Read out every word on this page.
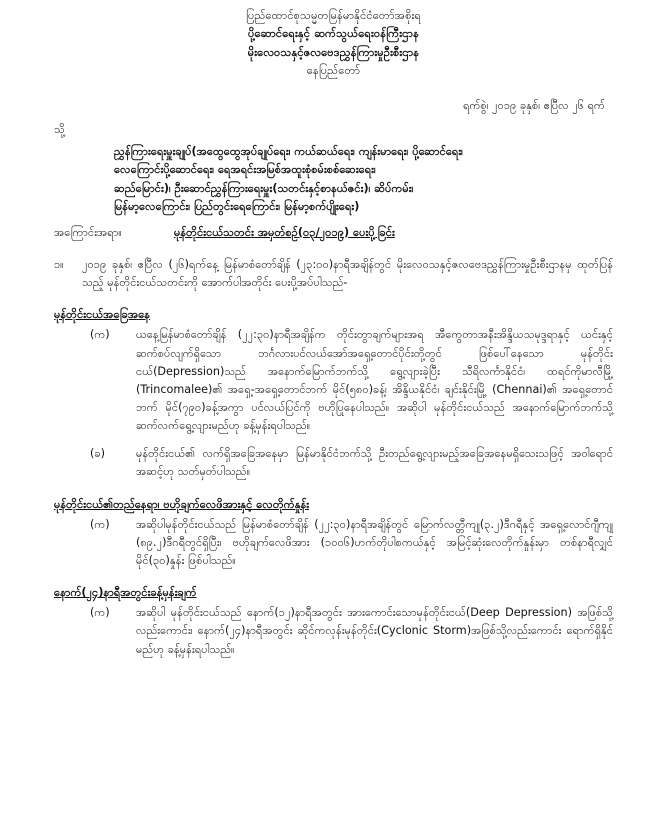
ပြည်ထောင်စုသမ္မတမြန်မာနိုင်ငံတော်အစိုးရ

ပို့ဆောင်ရေးနှင့် ဆက်သွယ်ရေးဝန်ကြီးဌာန

မိုးလေဝသနှင့်ဇလဗေဒညွှန်ကြားမှုဦးစီးဌာန

နေပြည်တော်

ရက်စွဲ၊ ၂၀၁၉ ခုနှစ်၊ ဧပြီလ ၂၆ ရက်

သို့

ညွှန်ကြားရေးမှူးချုပ်(အထွေထွေအုပ်ချုပ်ရေး၊ ကယ်ဆယ်ရေး၊ ကျန်းမာရေး၊ ပို့ဆောင်ရေး၊

လေကြောင်းပို့ဆောင်ရေး၊ ရေအရင်းအမြစ်အထူးစုံစမ်းစစ်ဆေးရေး၊

ဆည်မြောင်း)၊ ဦးဆောင်ညွှန်ကြားရေးမှူး(သတင်းနှင့်စာနယ်ဇင်း)၊ ဆိပ်ကမ်း၊

မြန်မာ့လေကြောင်း၊ ပြည်တွင်းရေကြောင်း၊ မြန်မာ့စက်ပျိုးရေး)

အကြောင်းအရာ။	မုန်တိုင်းငယ်သတင်း အမှတ်စဉ်(၀၃/၂၀၁၉) ပေးပို့ခြင်း
၁။	၂၀၁၉ ခုနှစ်၊ ဧပြီလ (၂၆)ရက်နေ့ မြန်မာစံတော်ချိန် (၂၃:၀၀)နာရီအချိန်တွင် မိုးလေဝသနှင့်ဇလဗေဒညွှန်ကြားမှုဦးစီးဌာနမှ ထုတ်ပြန်သည့် မုန်တိုင်းငယ်သတင်းကို အောက်ပါအတိုင်း ပေးပို့အပ်ပါသည်-
မုန်တိုင်းငယ်အခြေအနေ
(က)	ယနေ့မြန်မာစံတော်ချိန် (၂၂:၃၀)နာရီအချိန်က တိုင်းတွာချက်များအရ အီကွေတာအနီးအိန္ဒိယသမုဒ္ဒရာနှင့် ယင်းနှင့်ဆက်စပ်လျက်ရှိသော ဘင်္ဂလားပင်လယ်အော်အရှေ့တောင်ပိုင်းတို့တွင် ဖြစ်ပေါ်နေသော မုန်တိုင်းငယ်(Depression)သည် အနောက်မြောက်ဘက်သို့ ရွေ့လျားခဲ့ပြီး သီရိလင်္ကာနိုင်ငံ၊ ထရင်ကိုမာလီမြို့ (Trincomalee)၏ အရှေ့-အရှေ့တောင်ဘက် မိုင်(၅၈၀)ခန့်၊ အိန္ဒိယနိုင်ငံ၊ ချင်းနိုင်းမြို့ (Chennai)၏ အရှေ့တောင်ဘက် မိုင်(၇၉၀)ခန့်အကွာ ပင်လယ်ပြင်ကို ဗဟိုပြုနေပါသည်။ အဆိုပါ မုန်တိုင်းငယ်သည် အနောက်မြောက်ဘက်သို့ ဆက်လက်ရွေ့လျားမည်ဟု ခန့်မှန်းရပါသည်။
(ခ)	မုန်တိုင်းငယ်၏ လက်ရှိအခြေအနေမှာ မြန်မာနိုင်ငံဘက်သို့ ဦးတည်ရွေ့လျားမည့်အခြေအနေမရှိသေးသဖြင့် အဝါရောင်အဆင့်ဟု သတ်မှတ်ပါသည်။
မုန်တိုင်းငယ်၏တည်နေရာ၊ ဗဟိုချက်လေဖိအားနှင့် လေတိုက်နှုန်း
(က)	အဆိုပါမုန်တိုင်းငယ်သည် မြန်မာစံတော်ချိန် (၂၂:၃၀)နာရီအချိန်တွင် မြောက်လတ္တီကျု(၃.၂)ဒီဂရီနှင့် အရှေ့လောင်ဂျီကျု (၈၉.၂)ဒီဂရီတွင်ရှိပြီး၊ ဗဟိုချက်လေဖိအား (၁၀၀၆)ဟက်တိုပါစကယ်နှင့် အမြင့်ဆုံးလေတိုက်နှုန်းမှာ တစ်နာရီလျှင် မိုင်(၃၀)နှုန်း ဖြစ်ပါသည်။
နောက်(၂၄)နာရီအတွင်းခန့်မှန်းချက်
(က)	အဆိုပါ မုန်တိုင်းငယ်သည် နောက်(၁၂)နာရီအတွင်း အားကောင်းသောမုန်တိုင်းငယ်(Deep Depression) အဖြစ်သို့လည်းကောင်း၊ နောက်(၂၄)နာရီအတွင်း ဆိုင်ကလုန်းမုန်တိုင်း(Cyclonic Storm)အဖြစ်သို့လည်းကောင်း ရောက်ရှိနိုင်မည်ဟု ခန့်မှန်းရပါသည်။
